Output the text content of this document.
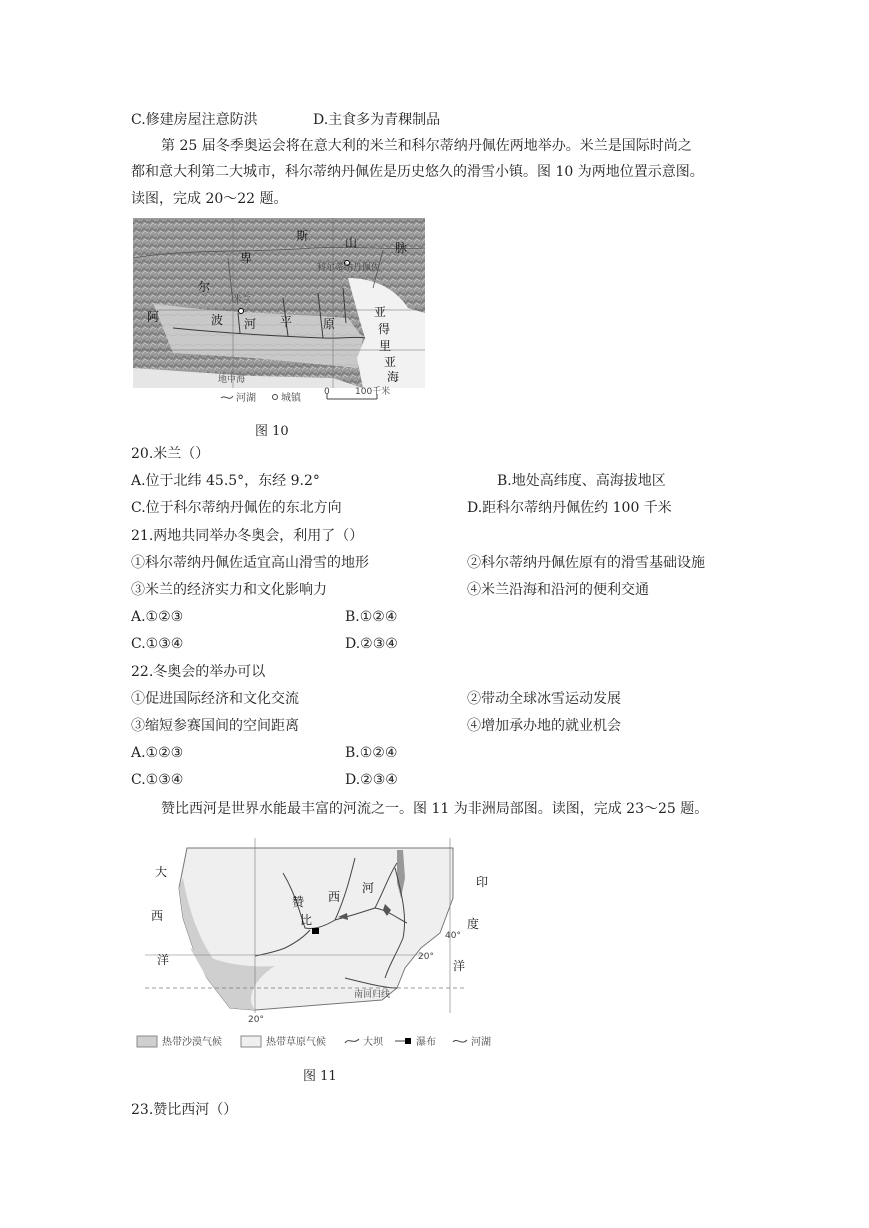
C.修建房屋注意防洪	D.主食多为青稞制品
第 25 届冬季奥运会将在意大利的米兰和科尔蒂纳丹佩佐两地举办。米兰是国际时尚之
都和意大利第二大城市，科尔蒂纳丹佩佐是历史悠久的滑雪小镇。图 10 为两地位置示意图。
读图，完成 20～22 题。
斯	山	脉
卑
尔
阿	波 河 平	原
米兰
科尔蒂纳丹佩佐
亚
得
里
亚
海
地中海
河湖	城镇
0	100千米
图 10
20.米兰（）
A.位于北纬 45.5°，东经 9.2°	B.地处高纬度、高海拔地区
C.位于科尔蒂纳丹佩佐的东北方向	D.距科尔蒂纳丹佩佐约 100 千米
21.两地共同举办冬奥会，利用了（）
①科尔蒂纳丹佩佐适宜高山滑雪的地形	②科尔蒂纳丹佩佐原有的滑雪基础设施
③米兰的经济实力和文化影响力	④米兰沿海和沿河的便利交通
A.①②③	B.①②④
C.①③④	D.②③④
22.冬奥会的举办可以
①促进国际经济和文化交流	②带动全球冰雪运动发展
③缩短参赛国间的空间距离	④增加承办地的就业机会
A.①②③	B.①②④
C.①③④	D.②③④
赞比西河是世界水能最丰富的河流之一。图 11 为非洲局部图。读图，完成 23～25 题。
大
西
洋
印
度
洋
赞
比
西
河
20°
40°
20°
南回归线
热带沙漠气候	热带草原气候	大坝	瀑布	河湖
图 11
23.赞比西河（）
